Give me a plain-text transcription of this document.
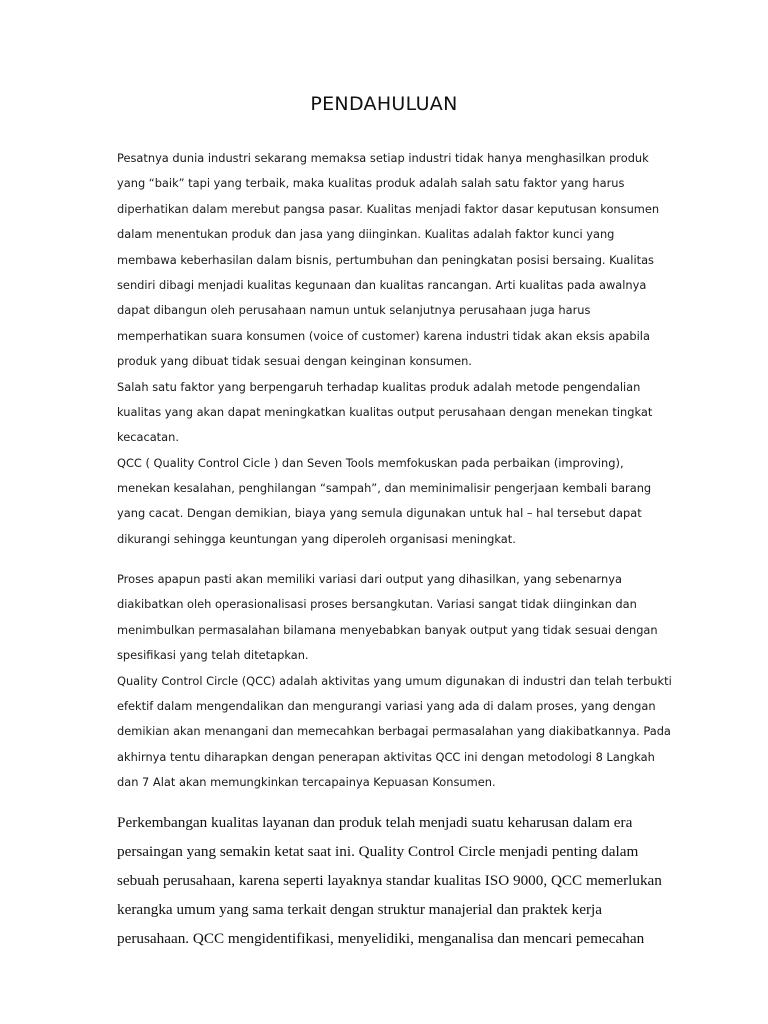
PENDAHULUAN
Pesatnya dunia industri sekarang memaksa setiap industri tidak hanya menghasilkan produk
yang “baik” tapi yang terbaik, maka kualitas produk adalah salah satu faktor yang harus
diperhatikan dalam merebut pangsa pasar. Kualitas menjadi faktor dasar keputusan konsumen
dalam menentukan produk dan jasa yang diinginkan. Kualitas adalah faktor kunci yang
membawa keberhasilan dalam bisnis, pertumbuhan dan peningkatan posisi bersaing. Kualitas
sendiri dibagi menjadi kualitas kegunaan dan kualitas rancangan. Arti kualitas pada awalnya
dapat dibangun oleh perusahaan namun untuk selanjutnya perusahaan juga harus
memperhatikan suara konsumen (voice of customer) karena industri tidak akan eksis apabila
produk yang dibuat tidak sesuai dengan keinginan konsumen.
Salah satu faktor yang berpengaruh terhadap kualitas produk adalah metode pengendalian
kualitas yang akan dapat meningkatkan kualitas output perusahaan dengan menekan tingkat
kecacatan.
QCC ( Quality Control Cicle ) dan Seven Tools memfokuskan pada perbaikan (improving),
menekan kesalahan, penghilangan “sampah”, dan meminimalisir pengerjaan kembali barang
yang cacat. Dengan demikian, biaya yang semula digunakan untuk hal – hal tersebut dapat
dikurangi sehingga keuntungan yang diperoleh organisasi meningkat.
Proses apapun pasti akan memiliki variasi dari output yang dihasilkan, yang sebenarnya
diakibatkan oleh operasionalisasi proses bersangkutan. Variasi sangat tidak diinginkan dan
menimbulkan permasalahan bilamana menyebabkan banyak output yang tidak sesuai dengan
spesifikasi yang telah ditetapkan.
Quality Control Circle (QCC) adalah aktivitas yang umum digunakan di industri dan telah terbukti
efektif dalam mengendalikan dan mengurangi variasi yang ada di dalam proses, yang dengan
demikian akan menangani dan memecahkan berbagai permasalahan yang diakibatkannya. Pada
akhirnya tentu diharapkan dengan penerapan aktivitas QCC ini dengan metodologi 8 Langkah
dan 7 Alat akan memungkinkan tercapainya Kepuasan Konsumen.
Perkembangan kualitas layanan dan produk telah menjadi suatu keharusan dalam era
persaingan yang semakin ketat saat ini. Quality Control Circle menjadi penting dalam
sebuah perusahaan, karena seperti layaknya standar kualitas ISO 9000, QCC memerlukan
kerangka umum yang sama terkait dengan struktur manajerial dan praktek kerja
perusahaan. QCC mengidentifikasi, menyelidiki, menganalisa dan mencari pemecahan
